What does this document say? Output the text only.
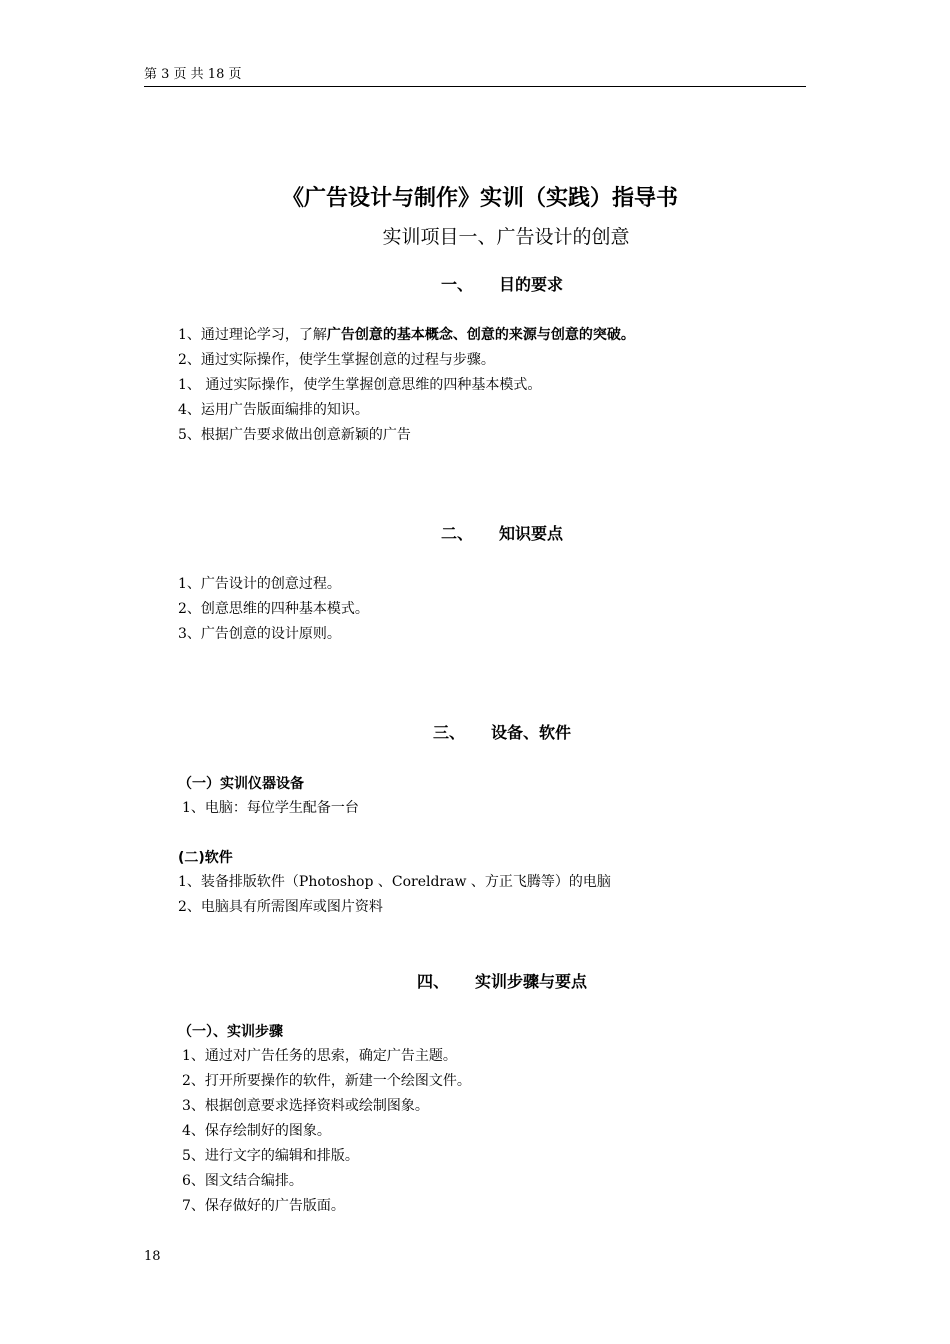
第 3 页 共 18 页
《广告设计与制作》实训（实践）指导书
实训项目一、广告设计的创意
一、 目的要求
1、通过理论学习，了解广告创意的基本概念、创意的来源与创意的突破。
2、通过实际操作，使学生掌握创意的过程与步骤。
1、 通过实际操作，使学生掌握创意思维的四种基本模式。
4、运用广告版面编排的知识。
5、根据广告要求做出创意新颖的广告
二、 知识要点
1、广告设计的创意过程。
2、创意思维的四种基本模式。
3、广告创意的设计原则。
三、 设备、软件
（一）实训仪器设备
1、电脑：每位学生配备一台
(二)软件
1、装备排版软件（Photoshop 、Coreldraw 、方正飞腾等）的电脑
2、电脑具有所需图库或图片资料
四、 实训步骤与要点
（一）、实训步骤
1、通过对广告任务的思索，确定广告主题。
2、打开所要操作的软件，新建一个绘图文件。
3、根据创意要求选择资料或绘制图象。
4、保存绘制好的图象。
5、进行文字的编辑和排版。
6、图文结合编排。
7、保存做好的广告版面。
18
